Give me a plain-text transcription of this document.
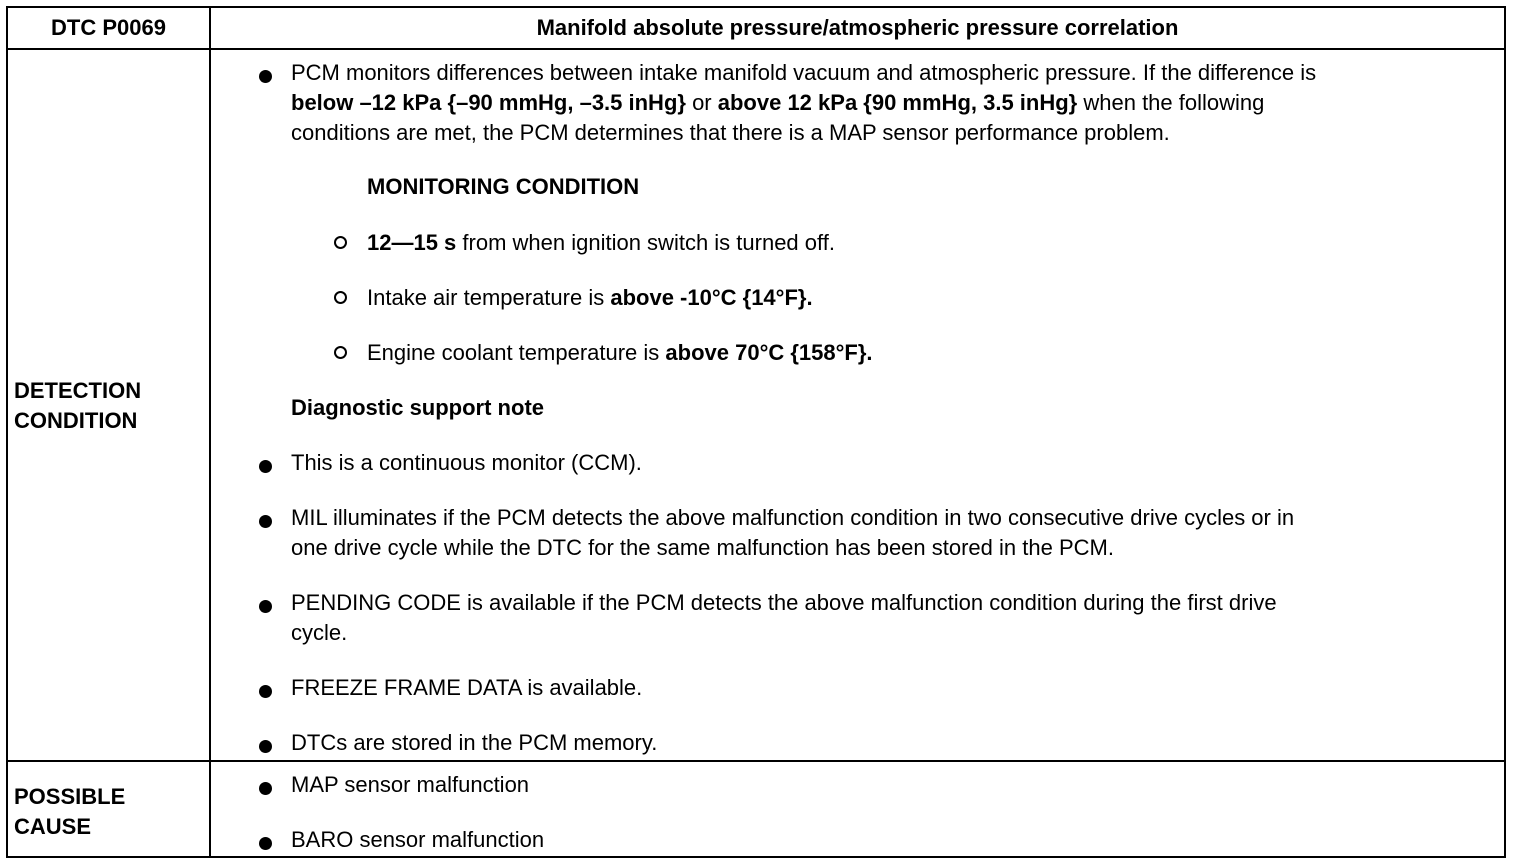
DTC P0069	Manifold absolute pressure/atmospheric pressure correlation
DETECTION
CONDITION
PCM monitors differences between intake manifold vacuum and atmospheric pressure. If the difference is
below –12 kPa {–90 mmHg, –3.5 inHg} or above 12 kPa {90 mmHg, 3.5 inHg} when the following
conditions are met, the PCM determines that there is a MAP sensor performance problem.
MONITORING CONDITION
12—15 s from when ignition switch is turned off.
Intake air temperature is above -10°C {14°F}.
Engine coolant temperature is above 70°C {158°F}.
Diagnostic support note
This is a continuous monitor (CCM).
MIL illuminates if the PCM detects the above malfunction condition in two consecutive drive cycles or in
one drive cycle while the DTC for the same malfunction has been stored in the PCM.
PENDING CODE is available if the PCM detects the above malfunction condition during the first drive
cycle.
FREEZE FRAME DATA is available.
DTCs are stored in the PCM memory.
POSSIBLE
CAUSE
MAP sensor malfunction
BARO sensor malfunction
